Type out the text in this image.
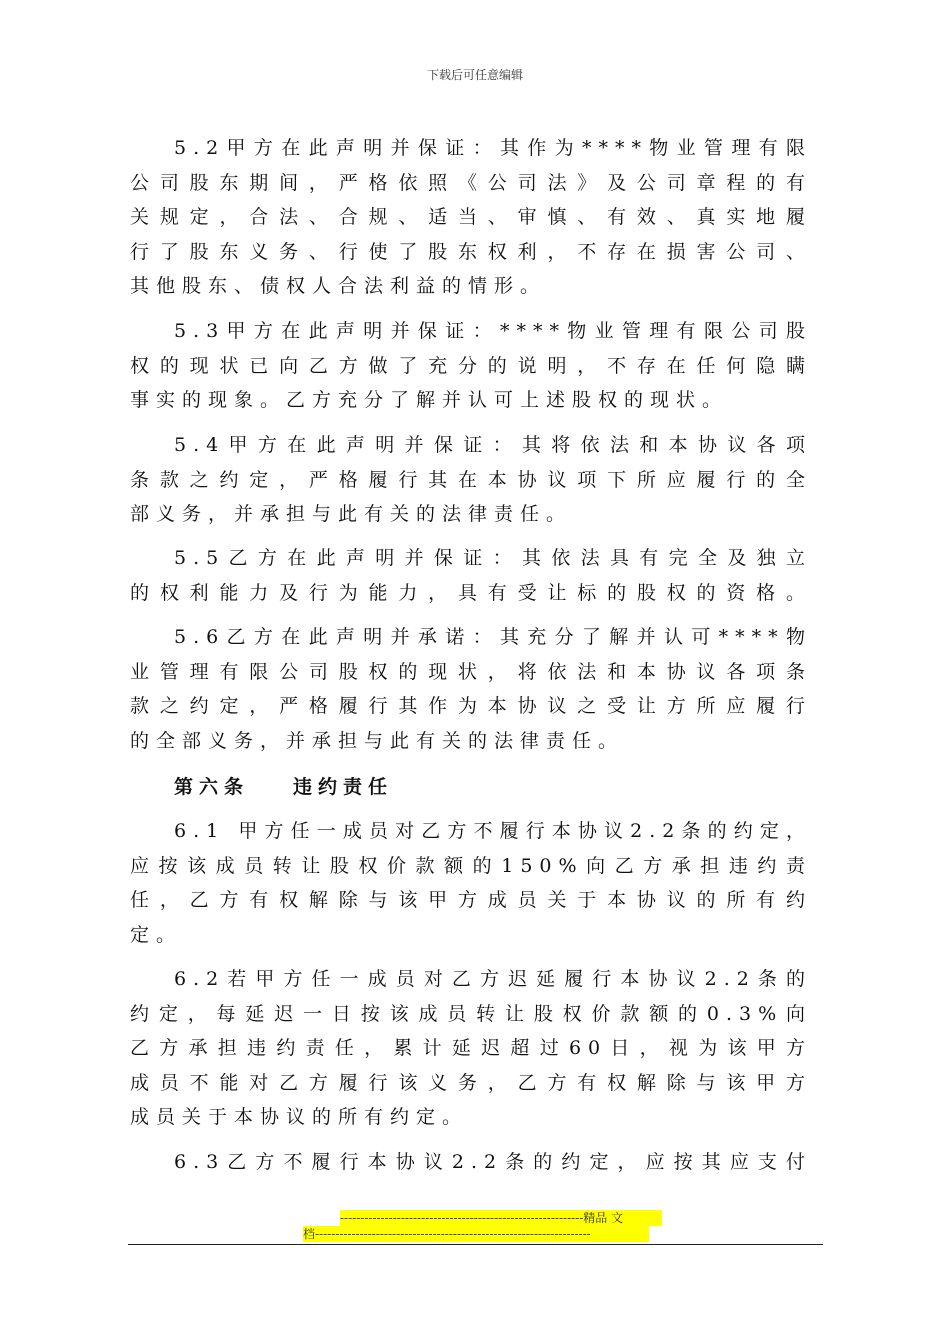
下载后可任意编辑
5.2甲方在此声明并保证：其作为****物业管理有限
公司股东期间，严格依照《公司法》及公司章程的有
关规定，合法、合规、适当、审慎、有效、真实地履
行了股东义务、行使了股东权利，不存在损害公司、
其他股东、债权人合法利益的情形。
5.3甲方在此声明并保证：****物业管理有限公司股
权的现状已向乙方做了充分的说明，不存在任何隐瞒
事实的现象。乙方充分了解并认可上述股权的现状。
5.4甲方在此声明并保证：其将依法和本协议各项
条款之约定，严格履行其在本协议项下所应履行的全
部义务，并承担与此有关的法律责任。
5.5乙方在此声明并保证：其依法具有完全及独立
的权利能力及行为能力，具有受让标的股权的资格。
5.6乙方在此声明并承诺：其充分了解并认可****物
业管理有限公司股权的现状，将依法和本协议各项条
款之约定，严格履行其作为本协议之受让方所应履行
的全部义务，并承担与此有关的法律责任。
第六条 违约责任
6.1 甲方任一成员对乙方不履行本协议2.2条的约定，
应按该成员转让股权价款额的150%向乙方承担违约责
任，乙方有权解除与该甲方成员关于本协议的所有约
定。
6.2若甲方任一成员对乙方迟延履行本协议2.2条的
约定，每延迟一日按该成员转让股权价款额的0.3%向
乙方承担违约责任，累计延迟超过60日，视为该甲方
成员不能对乙方履行该义务，乙方有权解除与该甲方
成员关于本协议的所有约定。
6.3乙方不履行本协议2.2条的约定，应按其应支付
------------------------------------------------------------精品 文
档--------------------------------------------------------------------
